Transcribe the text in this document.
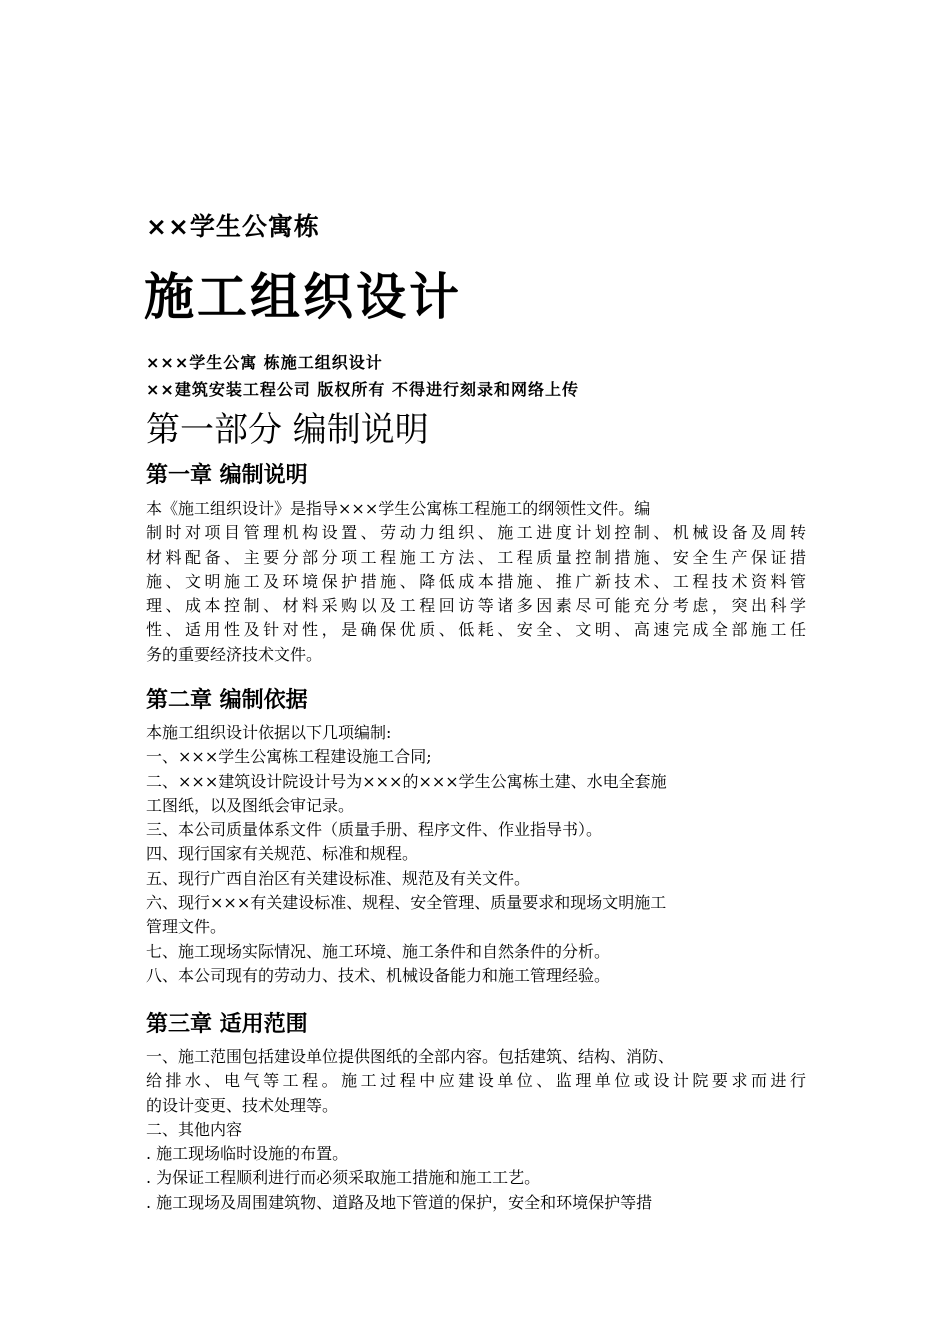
××学生公寓栋
施工组织设计
×××学生公寓 栋施工组织设计
××建筑安装工程公司 版权所有 不得进行刻录和网络上传
第一部分 编制说明
第一章 编制说明
本《施工组织设计》是指导×××学生公寓栋工程施工的纲领性文件。编
制时对项目管理机构设置、劳动力组织、施工进度计划控制、机械设备及周转
材料配备、主要分部分项工程施工方法、工程质量控制措施、安全生产保证措
施、文明施工及环境保护措施、降低成本措施、推广新技术、工程技术资料管
理、成本控制、材料采购以及工程回访等诸多因素尽可能充分考虑，突出科学
性、适用性及针对性，是确保优质、低耗、安全、文明、高速完成全部施工任
务的重要经济技术文件。
第二章 编制依据
本施工组织设计依据以下几项编制:
一、×××学生公寓栋工程建设施工合同;
二、×××建筑设计院设计号为×××的×××学生公寓栋土建、水电全套施
工图纸，以及图纸会审记录。
三、本公司质量体系文件（质量手册、程序文件、作业指导书）。
四、现行国家有关规范、标准和规程。
五、现行广西自治区有关建设标准、规范及有关文件。
六、现行×××有关建设标准、规程、安全管理、质量要求和现场文明施工
管理文件。
七、施工现场实际情况、施工环境、施工条件和自然条件的分析。
八、本公司现有的劳动力、技术、机械设备能力和施工管理经验。
第三章 适用范围
一、施工范围包括建设单位提供图纸的全部内容。包括建筑、结构、消防、
给排水、电气等工程。施工过程中应建设单位、监理单位或设计院要求而进行
的设计变更、技术处理等。
二、其他内容
. 施工现场临时设施的布置。
. 为保证工程顺利进行而必须采取施工措施和施工工艺。
. 施工现场及周围建筑物、道路及地下管道的保护，安全和环境保护等措
